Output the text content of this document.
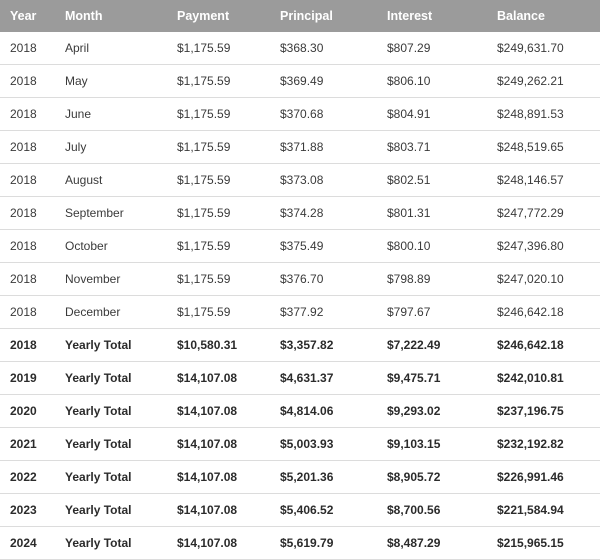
Year	Month	Payment	Principal	Interest	Balance
2018	April	$1,175.59	$368.30	$807.29	$249,631.70
2018	May	$1,175.59	$369.49	$806.10	$249,262.21
2018	June	$1,175.59	$370.68	$804.91	$248,891.53
2018	July	$1,175.59	$371.88	$803.71	$248,519.65
2018	August	$1,175.59	$373.08	$802.51	$248,146.57
2018	September	$1,175.59	$374.28	$801.31	$247,772.29
2018	October	$1,175.59	$375.49	$800.10	$247,396.80
2018	November	$1,175.59	$376.70	$798.89	$247,020.10
2018	December	$1,175.59	$377.92	$797.67	$246,642.18
2018	Yearly Total	$10,580.31	$3,357.82	$7,222.49	$246,642.18
2019	Yearly Total	$14,107.08	$4,631.37	$9,475.71	$242,010.81
2020	Yearly Total	$14,107.08	$4,814.06	$9,293.02	$237,196.75
2021	Yearly Total	$14,107.08	$5,003.93	$9,103.15	$232,192.82
2022	Yearly Total	$14,107.08	$5,201.36	$8,905.72	$226,991.46
2023	Yearly Total	$14,107.08	$5,406.52	$8,700.56	$221,584.94
2024	Yearly Total	$14,107.08	$5,619.79	$8,487.29	$215,965.15
